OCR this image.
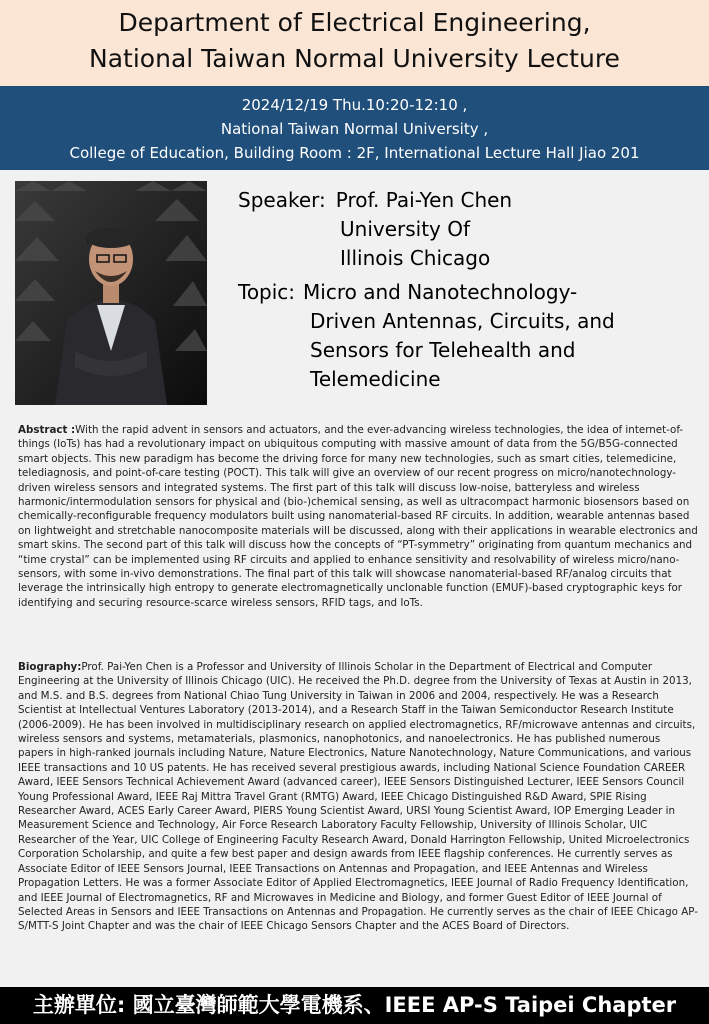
Department of Electrical Engineering,
National Taiwan Normal University Lecture
2024/12/19 Thu.10:20-12:10 ,
National Taiwan Normal University ,
College of Education, Building Room : 2F, International Lecture Hall Jiao 201
Speaker: Prof. Pai-Yen Chen
University Of
Illinois Chicago
Topic: Micro and Nanotechnology-
Driven Antennas, Circuits, and
Sensors for Telehealth and
Telemedicine
Abstract :With the rapid advent in sensors and actuators, and the ever-advancing wireless technologies, the idea of internet-of-things (IoTs) has had a revolutionary impact on ubiquitous computing with massive amount of data from the 5G/B5G-connected smart objects. This new paradigm has become the driving force for many new technologies, such as smart cities, telemedicine, telediagnosis, and point-of-care testing (POCT). This talk will give an overview of our recent progress on micro/nanotechnology-driven wireless sensors and integrated systems. The first part of this talk will discuss low-noise, batteryless and wireless harmonic/intermodulation sensors for physical and (bio-)chemical sensing, as well as ultracompact harmonic biosensors based on chemically-reconfigurable frequency modulators built using nanomaterial-based RF circuits. In addition, wearable antennas based on lightweight and stretchable nanocomposite materials will be discussed, along with their applications in wearable electronics and smart skins. The second part of this talk will discuss how the concepts of “PT-symmetry” originating from quantum mechanics and “time crystal” can be implemented using RF circuits and applied to enhance sensitivity and resolvability of wireless micro/nano-sensors, with some in-vivo demonstrations. The final part of this talk will showcase nanomaterial-based RF/analog circuits that leverage the intrinsically high entropy to generate electromagnetically unclonable function (EMUF)-based cryptographic keys for identifying and securing resource-scarce wireless sensors, RFID tags, and IoTs.
Biography:Prof. Pai-Yen Chen is a Professor and University of Illinois Scholar in the Department of Electrical and Computer Engineering at the University of Illinois Chicago (UIC). He received the Ph.D. degree from the University of Texas at Austin in 2013, and M.S. and B.S. degrees from National Chiao Tung University in Taiwan in 2006 and 2004, respectively. He was a Research Scientist at Intellectual Ventures Laboratory (2013-2014), and a Research Staff in the Taiwan Semiconductor Research Institute (2006-2009). He has been involved in multidisciplinary research on applied electromagnetics, RF/microwave antennas and circuits, wireless sensors and systems, metamaterials, plasmonics, nanophotonics, and nanoelectronics. He has published numerous papers in high-ranked journals including Nature, Nature Electronics, Nature Nanotechnology, Nature Communications, and various IEEE transactions and 10 US patents. He has received several prestigious awards, including National Science Foundation CAREER Award, IEEE Sensors Technical Achievement Award (advanced career), IEEE Sensors Distinguished Lecturer, IEEE Sensors Council Young Professional Award, IEEE Raj Mittra Travel Grant (RMTG) Award, IEEE Chicago Distinguished R&D Award, SPIE Rising Researcher Award, ACES Early Career Award, PIERS Young Scientist Award, URSI Young Scientist Award, IOP Emerging Leader in Measurement Science and Technology, Air Force Research Laboratory Faculty Fellowship, University of Illinois Scholar, UIC Researcher of the Year, UIC College of Engineering Faculty Research Award, Donald Harrington Fellowship, United Microelectronics Corporation Scholarship, and quite a few best paper and design awards from IEEE flagship conferences. He currently serves as Associate Editor of IEEE Sensors Journal, IEEE Transactions on Antennas and Propagation, and IEEE Antennas and Wireless Propagation Letters. He was a former Associate Editor of Applied Electromagnetics, IEEE Journal of Radio Frequency Identification, and IEEE Journal of Electromagnetics, RF and Microwaves in Medicine and Biology, and former Guest Editor of IEEE Journal of Selected Areas in Sensors and IEEE Transactions on Antennas and Propagation. He currently serves as the chair of IEEE Chicago AP-S/MTT-S Joint Chapter and was the chair of IEEE Chicago Sensors Chapter and the ACES Board of Directors.
主辦單位: 國立臺灣師範大學電機系、IEEE AP-S Taipei Chapter
